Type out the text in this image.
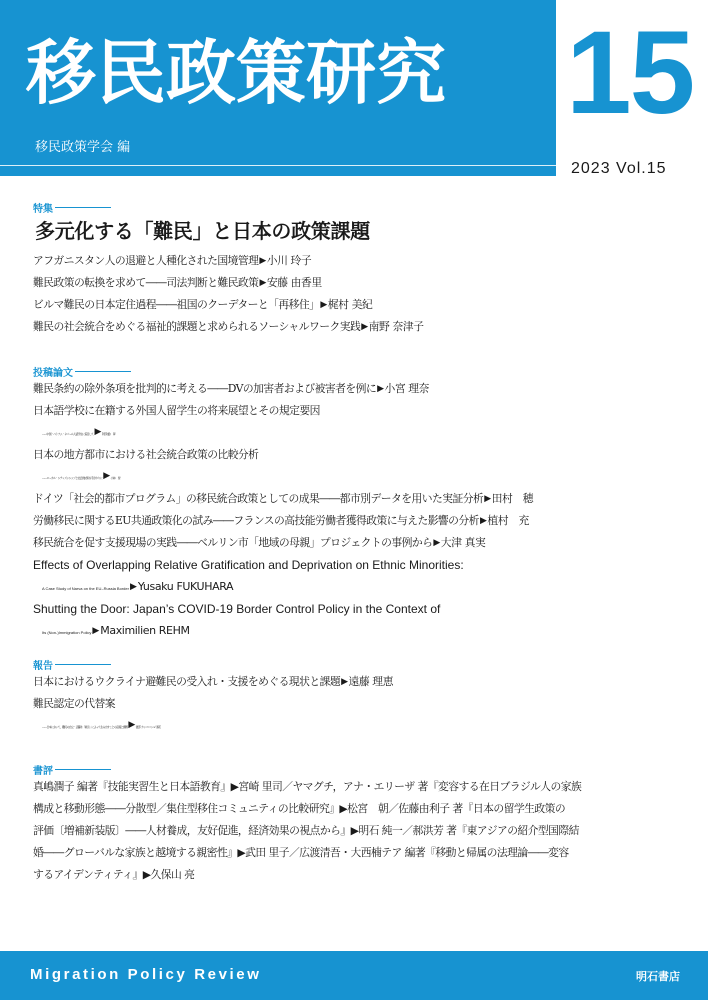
移民政策研究
移民政策学会 編
15
2023 Vol.15
特集
多元化する「難民」と日本の政策課題
アフガニスタン人の退避と人種化された国境管理▶小川 玲子
難民政策の転換を求めて――司法判断と難民政策▶安藤 由香里
ビルマ難民の日本定住過程――祖国のクーデターと「再移住」▶梶村 美紀
難民の社会統合をめぐる福祉的課題と求められるソーシャルワーク実践▶南野 奈津子
投稿論文
難民条約の除外条項を批判的に考える――DVの加害者および被害者を例に▶小宮 理奈
日本語学校に在籍する外国人留学生の将来展望とその規定要因
――中国・ベトナム・ネパール人留学生に着目して▶阿部(董)　夢
日本の地方都市における社会統合政策の比較分析
――ローカル・シティズンシップと社会的結束を手がかりに▶小林　智
ドイツ「社会的都市プログラム」の移民統合政策としての成果――都市別データを用いた実証分析▶田村　穂
労働移民に関するEU共通政策化の試み――フランスの高技能労働者獲得政策に与えた影響の分析▶植村　充
移民統合を促す支援現場の実践――ベルリン市「地域の母親」プロジェクトの事例から▶大津 真実
Effects of Overlapping Relative Gratification and Deprivation on Ethnic Minorities:
A Case Study of Narva on the EU–Russia Border▶Yusaku FUKUHARA
Shutting the Door: Japan’s COVID-19 Border Control Policy in the Context of
Its (Non-)Immigration Policy▶Maximilien REHM
報告
日本におけるウクライナ避難民の受入れ・支援をめぐる現状と課題▶遠藤 理恵
難民認定の代替案
――日本において，難民の自立・活躍を「就労」によって生み出すことの意義と課題▶渡部 カンコロンゴ 清花
書評
真嶋潤子 編著『技能実習生と日本語教育』▶宮崎 里司／ヤマグチ，アナ・エリーザ 著『変容する在日ブラジル人の家族
構成と移動形態――分散型／集住型移住コミュニティの比較研究』▶松宮　朝／佐藤由利子 著『日本の留学生政策の
評価〔増補新装版〕――人材養成，友好促進，経済効果の視点から』▶明石 純一／郝洪芳 著『東アジアの紹介型国際結
婚――グローバルな家族と越境する親密性』▶武田 里子／広渡清吾・大西楠テア 編著『移動と帰属の法理論――変容
するアイデンティティ』▶久保山 亮
Migration Policy Review	明石書店
